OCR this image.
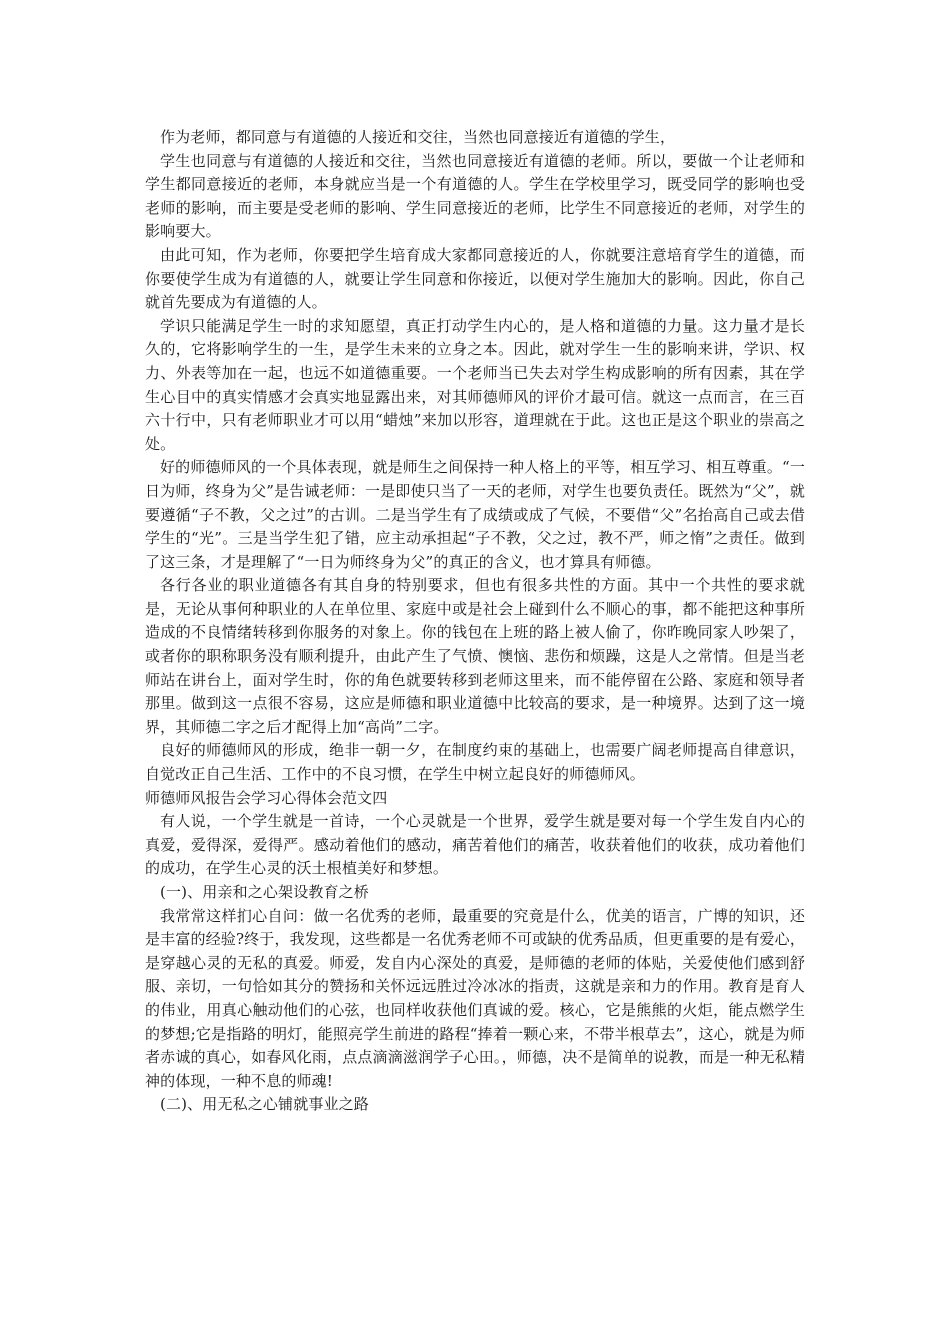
作为老师，都同意与有道德的人接近和交往，当然也同意接近有道德的学生，

学生也同意与有道德的人接近和交往，当然也同意接近有道德的老师。所以，要做一个让老师和学生都同意接近的老师，本身就应当是一个有道德的人。学生在学校里学习，既受同学的影响也受老师的影响，而主要是受老师的影响、学生同意接近的老师，比学生不同意接近的老师，对学生的影响要大。

由此可知，作为老师，你要把学生培育成大家都同意接近的人，你就要注意培育学生的道德，而你要使学生成为有道德的人，就要让学生同意和你接近，以便对学生施加大的影响。因此，你自己就首先要成为有道德的人。

学识只能满足学生一时的求知愿望，真正打动学生内心的，是人格和道德的力量。这力量才是长久的，它将影响学生的一生，是学生未来的立身之本。因此，就对学生一生的影响来讲，学识、权力、外表等加在一起，也远不如道德重要。一个老师当已失去对学生构成影响的所有因素，其在学生心目中的真实情感才会真实地显露出来，对其师德师风的评价才最可信。就这一点而言，在三百六十行中，只有老师职业才可以用“蜡烛”来加以形容，道理就在于此。这也正是这个职业的崇高之处。

好的师德师风的一个具体表现，就是师生之间保持一种人格上的平等，相互学习、相互尊重。“一日为师，终身为父”是告诫老师：一是即使只当了一天的老师，对学生也要负责任。既然为“父”，就要遵循“子不教，父之过”的古训。二是当学生有了成绩或成了气候，不要借“父”名抬高自己或去借学生的“光”。三是当学生犯了错，应主动承担起“子不教，父之过，教不严，师之惰”之责任。做到了这三条，才是理解了“一日为师终身为父”的真正的含义，也才算具有师德。

各行各业的职业道德各有其自身的特别要求，但也有很多共性的方面。其中一个共性的要求就是，无论从事何种职业的人在单位里、家庭中或是社会上碰到什么不顺心的事，都不能把这种事所造成的不良情绪转移到你服务的对象上。你的钱包在上班的路上被人偷了，你昨晚同家人吵架了，或者你的职称职务没有顺利提升，由此产生了气愤、懊恼、悲伤和烦躁，这是人之常情。但是当老师站在讲台上，面对学生时，你的角色就要转移到老师这里来，而不能停留在公路、家庭和领导者那里。做到这一点很不容易，这应是师德和职业道德中比较高的要求，是一种境界。达到了这一境界，其师德二字之后才配得上加“高尚”二字。

良好的师德师风的形成，绝非一朝一夕，在制度约束的基础上，也需要广阔老师提高自律意识，自觉改正自己生活、工作中的不良习惯，在学生中树立起良好的师德师风。

师德师风报告会学习心得体会范文四

有人说，一个学生就是一首诗，一个心灵就是一个世界，爱学生就是要对每一个学生发自内心的真爱，爱得深，爱得严。感动着他们的感动，痛苦着他们的痛苦，收获着他们的收获，成功着他们的成功，在学生心灵的沃土根植美好和梦想。

(一)、用亲和之心架设教育之桥

我常常这样扪心自问：做一名优秀的老师，最重要的究竟是什么，优美的语言，广博的知识，还是丰富的经验?终于，我发现，这些都是一名优秀老师不可或缺的优秀品质，但更重要的是有爱心，是穿越心灵的无私的真爱。师爱，发自内心深处的真爱，是师德的老师的体贴，关爱使他们感到舒服、亲切，一句恰如其分的赞扬和关怀远远胜过冷冰冰的指责，这就是亲和力的作用。教育是育人的伟业，用真心触动他们的心弦，也同样收获他们真诚的爱。核心，它是熊熊的火炬，能点燃学生的梦想;它是指路的明灯，能照亮学生前进的路程“捧着一颗心来，不带半根草去”，这心，就是为师者赤诚的真心，如春风化雨，点点滴滴滋润学子心田。，师德，决不是简单的说教，而是一种无私精神的体现，一种不息的师魂!

(二)、用无私之心铺就事业之路
